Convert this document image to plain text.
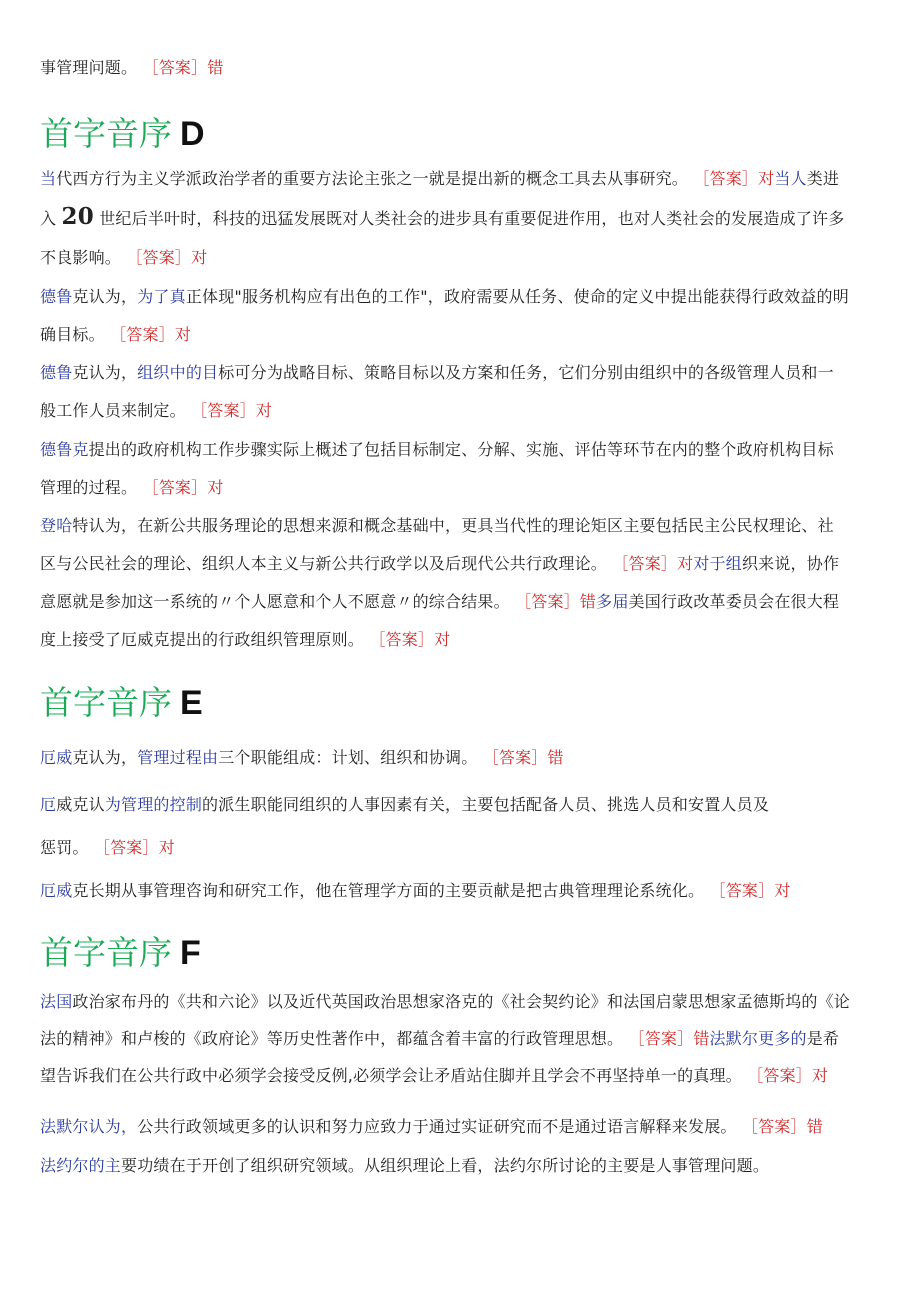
事管理问题。 ［答案］错
首字音序 D
当代西方行为主义学派政治学者的重要方法论主张之一就是提出新的概念工具去从事研究。 ［答案］对当人类进
入 20 世纪后半叶时，科技的迅猛发展既对人类社会的进步具有重要促进作用，也对人类社会的发展造成了许多
不良影响。 ［答案］对
德鲁克认为，为了真正体现"服务机构应有出色的工作"，政府需要从任务、使命的定义中提出能获得行政效益的明
确目标。 ［答案］对
德鲁克认为，组织中的目标可分为战略目标、策略目标以及方案和任务，它们分别由组织中的各级管理人员和一
般工作人员来制定。 ［答案］对
德鲁克提出的政府机构工作步骤实际上概述了包括目标制定、分解、实施、评估等环节在内的整个政府机构目标
管理的过程。 ［答案］对
登哈特认为，在新公共服务理论的思想来源和概念基础中，更具当代性的理论矩区主要包括民主公民权理论、社
区与公民社会的理论、组织人本主义与新公共行政学以及后现代公共行政理论。 ［答案］对对于组织来说，协作
意愿就是参加这一系统的〃个人愿意和个人不愿意〃的综合结果。 ［答案］错多届美国行政改革委员会在很大程
度上接受了厄威克提出的行政组织管理原则。 ［答案］对
首字音序 E
厄威克认为，管理过程由三个职能组成：计划、组织和协调。 ［答案］错
厄威克认为管理的控制的派生职能同组织的人事因素有关，主要包括配备人员、挑选人员和安置人员及
惩罚。 ［答案］对
厄威克长期从事管理咨询和研究工作，他在管理学方面的主要贡献是把古典管理理论系统化。 ［答案］对
首字音序 F
法国政治家布丹的《共和六论》以及近代英国政治思想家洛克的《社会契约论》和法国启蒙思想家孟德斯坞的《论
法的精神》和卢梭的《政府论》等历史性著作中，都蕴含着丰富的行政管理思想。 ［答案］错法默尔更多的是希
望告诉我们在公共行政中必须学会接受反例,必须学会让矛盾站住脚并且学会不再坚持单一的真理。 ［答案］对
法默尔认为，公共行政领域更多的认识和努力应致力于通过实证研究而不是通过语言解释来发展。 ［答案］错
法约尔的主要功绩在于开创了组织研究领域。从组织理论上看，法约尔所讨论的主要是人事管理问题。
